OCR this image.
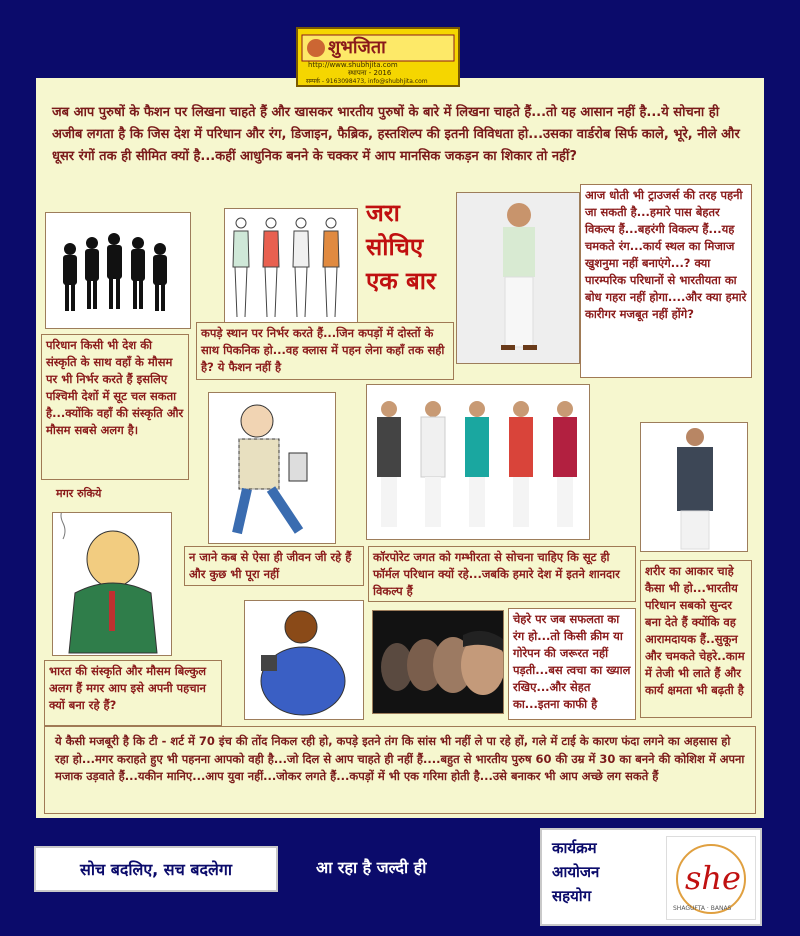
शुभजिता
http://www.shubhjita.com
स्थापना - 2016
सम्पर्क - 9163098473, info@shubhjita.com
जब आप पुरुषों के फैशन पर लिखना चाहते हैं और खासकर भारतीय पुरुषों के बारे में लिखना चाहते हैं...तो यह आसान नहीं है...ये सोचना ही अजीब लगता है कि जिस देश में परिधान और रंग, डिजाइन, फैब्रिक, हस्तशिल्प की इतनी विविधता हो...उसका वार्डरोब सिर्फ काले, भूरे, नीले और धूसर रंगों तक ही सीमित क्यों है...कहीं आधुनिक बनने के चक्कर में आप मानसिक जकड़न का शिकार तो नहीं?
जरा
सोचिए
एक बार
आज धोती भी ट्राउजर्स की तरह पहनी जा सकती है...हमारे पास बेहतर विकल्प हैं...बहरंगी विकल्प हैं...यह चमकते रंग...कार्य स्थल का मिजाज खुशनुमा नहीं बनाएंगे...? क्या पारम्परिक परिधानों से भारतीयता का बोध गहरा नहीं होगा....और क्या हमारे कारीगर मजबूत नहीं होंगे?
कपड़े स्थान पर निर्भर करते हैं...जिन कपड़ों में दोस्तों के साथ पिकनिक हो...वह क्लास में पहन लेना कहाँ तक सही है? ये फैशन नहीं है
परिधान किसी भी देश की संस्कृति के साथ वहाँ के मौसम पर भी निर्भर करते हैं इसलिए पश्चिमी देशों में सूट चल सकता है...क्योंकि वहाँ की संस्कृति और मौसम सबसे अलग है।
मगर रुकिये
भारत की संस्कृति और मौसम बिल्कुल अलग हैं मगर आप इसे अपनी पहचान क्यों बना रहे हैं?
न जाने कब से ऐसा ही जीवन जी रहे हैं और कुछ भी पूरा नहीं
कॉरपोरेट जगत को गम्भीरता से सोचना चाहिए कि सूट ही फॉर्मल परिधान क्यों रहे...जबकि हमारे देश में इतने शानदार विकल्प हैं
शरीर का आकार चाहे कैसा भी हो...भारतीय परिधान सबको सुन्दर बना देते हैं क्योंकि वह आरामदायक हैं..सुकून और चमकते चेहरे..काम में तेजी भी लाते हैं और कार्य क्षमता भी बढ़ती है
चेहरे पर जब सफलता का रंग हो...तो किसी क्रीम या गोरेपन की जरूरत नहीं पड़ती...बस त्वचा का ख्याल रखिए...और सेहत का...इतना काफी है
ये कैसी मजबूरी है कि टी - शर्ट में 70 इंच की तोंद निकल रही हो, कपड़े इतने तंग कि सांस भी नहीं ले पा रहे हों, गले में टाई के कारण फंदा लगने का अहसास हो रहा हो...मगर कराहते हुए भी पहनना आपको वही है...जो दिल से आप चाहते ही नहीं हैं....बहुत से भारतीय पुरुष 60 की उम्र में 30 का बनने की कोशिश में अपना मजाक उड़वाते हैं...यकीन मानिए...आप युवा नहीं...जोकर लगते हैं...कपड़ों में भी एक गरिमा होती है...उसे बनाकर भी आप अच्छे लग सकते हैं
सोच बदलिए, सच बदलेगा	आ रहा है जल्दी ही
कार्यक्रम
आयोजन
सहयोग	she
SHAGUFTA · BANAS
